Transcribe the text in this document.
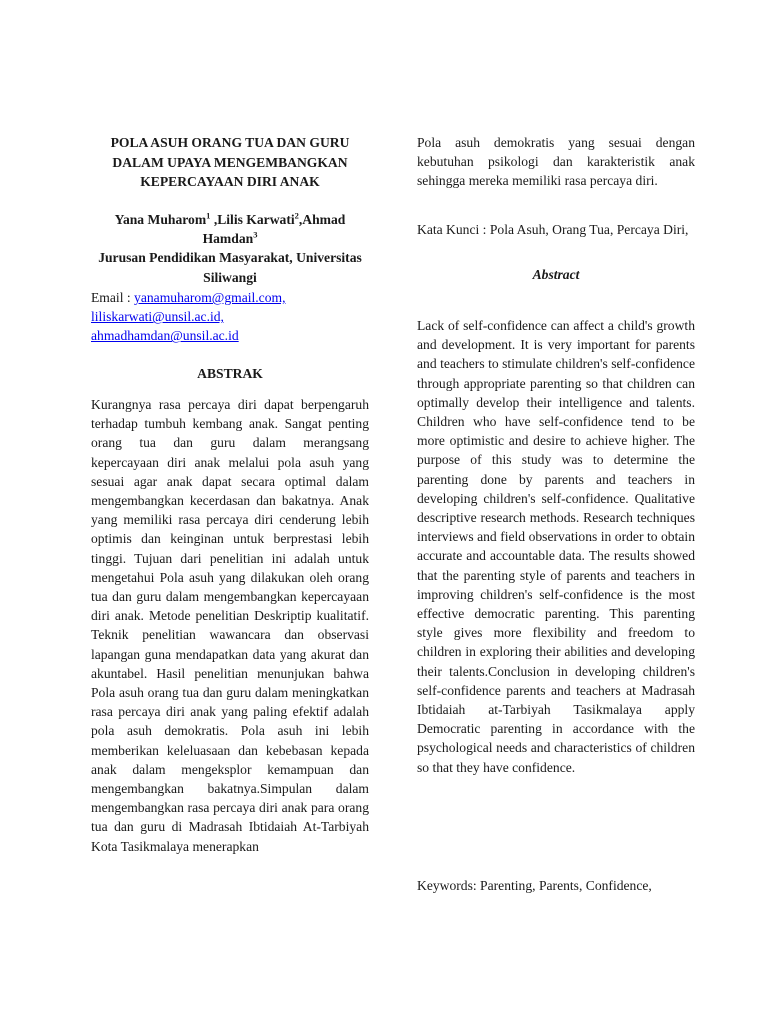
POLA ASUH ORANG TUA DAN GURU DALAM UPAYA MENGEMBANGKAN KEPERCAYAAN DIRI ANAK
Yana Muharom$^1$ ,Lilis Karwati$^2$,Ahmad Hamdan$^3$
Jurusan Pendidikan Masyarakat, Universitas Siliwangi
Email : yanamuharom@gmail.com,
liliskarwati@unsil.ac.id,
ahmadhamdan@unsil.ac.id
ABSTRAK
Kurangnya rasa percaya diri dapat berpengaruh terhadap tumbuh kembang anak. Sangat penting orang tua dan guru dalam merangsang kepercayaan diri anak melalui pola asuh yang sesuai agar anak dapat secara optimal dalam mengembangkan kecerdasan dan bakatnya. Anak yang memiliki rasa percaya diri cenderung lebih optimis dan keinginan untuk berprestasi lebih tinggi. Tujuan dari penelitian ini adalah untuk mengetahui Pola asuh yang dilakukan oleh orang tua dan guru dalam mengembangkan kepercayaan diri anak. Metode penelitian Deskriptip kualitatif. Teknik penelitian wawancara dan observasi lapangan guna mendapatkan data yang akurat dan akuntabel. Hasil penelitian menunjukan bahwa Pola asuh orang tua dan guru dalam meningkatkan rasa percaya diri anak yang paling efektif adalah pola asuh demokratis. Pola asuh ini lebih memberikan keleluasaan dan kebebasan kepada anak dalam mengeksplor kemampuan dan mengembangkan bakatnya.Simpulan dalam mengembangkan rasa percaya diri anak para orang tua dan guru di Madrasah Ibtidaiah At-Tarbiyah Kota Tasikmalaya menerapkan
Pola asuh demokratis yang sesuai dengan kebutuhan psikologi dan karakteristik anak sehingga mereka memiliki rasa percaya diri.
Kata Kunci : Pola Asuh, Orang Tua, Percaya Diri,
Abstract
Lack of self-confidence can affect a child's growth and development. It is very important for parents and teachers to stimulate children's self-confidence through appropriate parenting so that children can optimally develop their intelligence and talents. Children who have self-confidence tend to be more optimistic and desire to achieve higher. The purpose of this study was to determine the parenting done by parents and teachers in developing children's self-confidence. Qualitative descriptive research methods. Research techniques interviews and field observations in order to obtain accurate and accountable data. The results showed that the parenting style of parents and teachers in improving children's self-confidence is the most effective democratic parenting. This parenting style gives more flexibility and freedom to children in exploring their abilities and developing their talents.Conclusion in developing children's self-confidence parents and teachers at Madrasah Ibtidaiah at-Tarbiyah Tasikmalaya apply Democratic parenting in accordance with the psychological needs and characteristics of children so that they have confidence.
Keywords: Parenting, Parents, Confidence,
